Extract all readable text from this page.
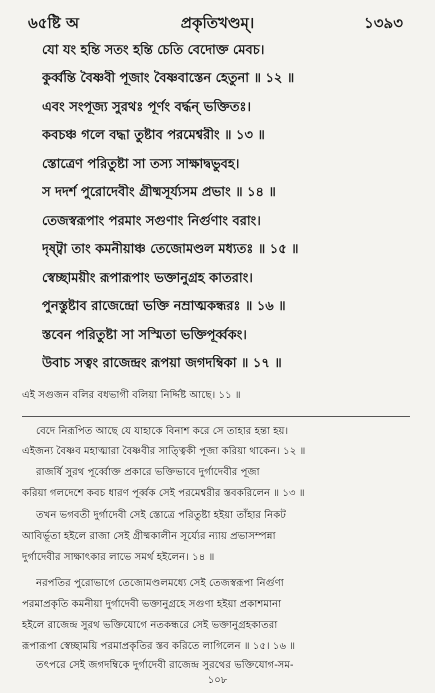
৬৫ষ্টি অ	প্রকৃতিখণ্ডম্।	১৩৯৩
যো যং হন্তি সতং হন্তি চেতি বেদোক্ত মেবচ।
কুর্ব্বন্তি বৈষ্ণবী পূজাং বৈষ্ণবাস্তেন হেতুনা ॥ ১২ ॥
এবং সংপূজ্য সুরথঃ পূর্ণং বর্দ্ধন্ ভক্তিতঃ।
কবচঞ্চ গলে বদ্ধা তুষ্টাব পরমেশ্বরীং ॥ ১৩ ॥
স্তোত্রেণ পরিতুষ্টা সা তস্য সাক্ষাদ্বভুবহ।
স দদর্শ পুরোদেবীং গ্রীষ্মসূর্য্যসম প্রভাং ॥ ১৪ ॥
তেজস্বরূপাং পরমাং সগুণাং নির্গুণাং বরাং।
দৃষ্ট্বা তাং কমনীয়াঞ্চ তেজোমণ্ডল মধ্যতঃ ॥ ১৫ ॥
স্বেচ্ছাময়ীং রূপারূপাং ভক্তানুগ্রহ কাতরাং।
পুনস্তুষ্টাব রাজেন্দ্রো ভক্তি নম্রাত্মকন্ধরঃ ॥ ১৬ ॥
স্তবেন পরিতুষ্টা সা সস্মিতা ভক্তিপূর্ব্বকং।
উবাচ সত্বং রাজেন্দ্রং রূপয়া জগদম্বিকা ॥ ১৭ ॥
এই সগুজন বলির বধভাগী বলিয়া নির্দ্দিষ্ট আছে। ১১ ॥
বেদে নিরূপিত আছে যে যাহাকে বিনাশ করে সে তাহার হন্তা হয়।
এইজন্য বৈষ্ণব মহাত্মারা বৈষ্ণবীর সাত্ত্বিকী পূজা করিয়া থাকেন। ১২ ॥
রাজর্ষি সুরথ পূর্ব্বোক্ত প্রকারে ভক্তিভাবে দুর্গাদেবীর পূজা
করিয়া গলদেশে কবচ ধারণ পূর্ব্বক সেই পরমেশ্বরীর স্তবকরিলেন ॥ ১৩ ॥
তখন ভগবতী দুর্গাদেবী সেই স্তোত্রে পরিতুষ্টা হইয়া তাঁহার নিকট
আবির্ভূতা হইলে রাজা সেই গ্রীষ্মকালীন সূর্য্যের ন্যায় প্রভাসম্পন্না
দুর্গাদেবীর সাক্ষাৎকার লাভে সমর্থ হইলেন। ১৪ ॥
নরপতির পুরোভাগে তেজোমণ্ডলমধ্যে সেই তেজস্বরূপা নির্গুণা
পরমাপ্রকৃতি কমনীয়া দুর্গাদেবী ভক্তানুগ্রহে সগুণা হইয়া প্রকাশমানা
হইলে রাজেন্দ্র সুরথ ভক্তিযোগে নতকন্ধরে সেই ভক্তানুগ্রহকাতরা
রূপারূপা স্বেচ্ছাময়ি পরমাপ্রকৃতির স্তব করিতে লাগিলেন ॥ ১৫। ১৬ ॥
তৎপরে সেই জগদম্বিকে দুর্গাদেবী রাজেন্দ্র সুরথের ভক্তিযোগ-সম-
১০৮
